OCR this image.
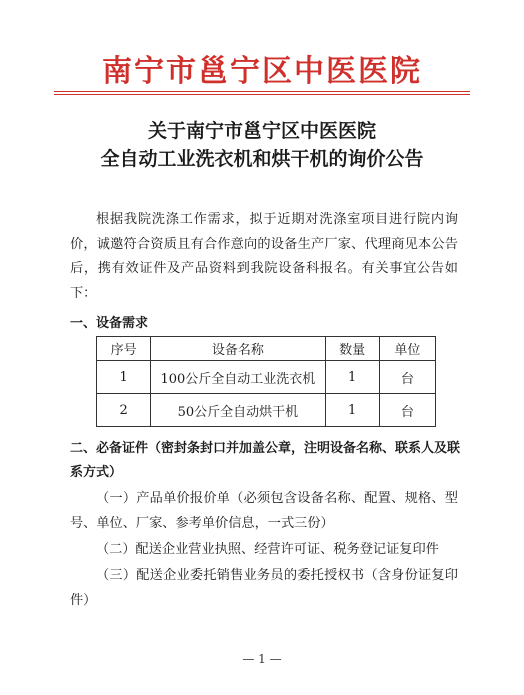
南宁市邕宁区中医医院
关于南宁市邕宁区中医医院
全自动工业洗衣机和烘干机的询价公告

根据我院洗涤工作需求，拟于近期对洗涤室项目进行院内询价，诚邀符合资质且有合作意向的设备生产厂家、代理商见本公告后，携有效证件及产品资料到我院设备科报名。有关事宜公告如下：

一、设备需求

序号	设备名称	数量	单位
1	100公斤全自动工业洗衣机	1	台
2	50公斤全自动烘干机	1	台

二、必备证件（密封条封口并加盖公章，注明设备名称、联系人及联系方式）

（一）产品单价报价单（必须包含设备名称、配置、规格、型号、单位、厂家、参考单价信息，一式三份）

（二）配送企业营业执照、经营许可证、税务登记证复印件

（三）配送企业委托销售业务员的委托授权书（含身份证复印件）

— 1 —
